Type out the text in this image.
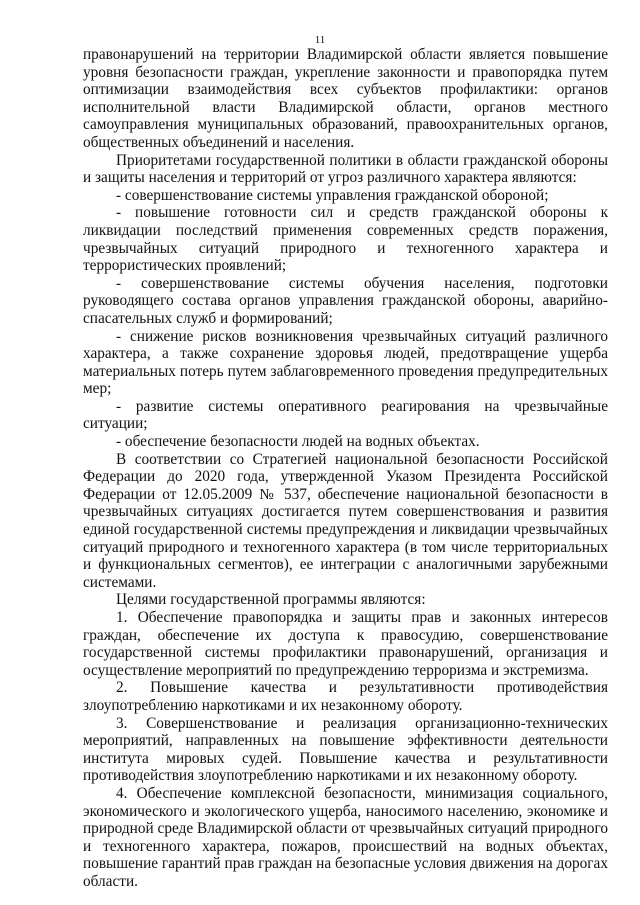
11

правонарушений на территории Владимирской области является повышение уровня безопасности граждан, укрепление законности и правопорядка путем оптимизации взаимодействия всех субъектов профилактики: органов исполнительной власти Владимирской области, органов местного самоуправления муниципальных образований, правоохранительных органов, общественных объединений и населения.

Приоритетами государственной политики в области гражданской обороны и защиты населения и территорий от угроз различного характера являются:

- совершенствование системы управления гражданской обороной;

- повышение готовности сил и средств гражданской обороны к ликвидации последствий применения современных средств поражения, чрезвычайных ситуаций природного и техногенного характера и террористических проявлений;

- совершенствование системы обучения населения, подготовки руководящего состава органов управления гражданской обороны, аварийно-спасательных служб и формирований;

- снижение рисков возникновения чрезвычайных ситуаций различного характера, а также сохранение здоровья людей, предотвращение ущерба материальных потерь путем заблаговременного проведения предупредительных мер;

- развитие системы оперативного реагирования на чрезвычайные ситуации;

- обеспечение безопасности людей на водных объектах.

В соответствии со Стратегией национальной безопасности Российской Федерации до 2020 года, утвержденной Указом Президента Российской Федерации от 12.05.2009 № 537, обеспечение национальной безопасности в чрезвычайных ситуациях достигается путем совершенствования и развития единой государственной системы предупреждения и ликвидации чрезвычайных ситуаций природного и техногенного характера (в том числе территориальных и функциональных сегментов), ее интеграции с аналогичными зарубежными системами.

Целями государственной программы являются:

1. Обеспечение правопорядка и защиты прав и законных интересов граждан, обеспечение их доступа к правосудию, совершенствование государственной системы профилактики правонарушений, организация и осуществление мероприятий по предупреждению терроризма и экстремизма.

2. Повышение качества и результативности противодействия злоупотреблению наркотиками и их незаконному обороту.

3. Совершенствование и реализация организационно-технических мероприятий, направленных на повышение эффективности деятельности института мировых судей. Повышение качества и результативности противодействия злоупотреблению наркотиками и их незаконному обороту.

4. Обеспечение комплексной безопасности, минимизация социального, экономического и экологического ущерба, наносимого населению, экономике и природной среде Владимирской области от чрезвычайных ситуаций природного и техногенного характера, пожаров, происшествий на водных объектах, повышение гарантий прав граждан на безопасные условия движения на дорогах области.
